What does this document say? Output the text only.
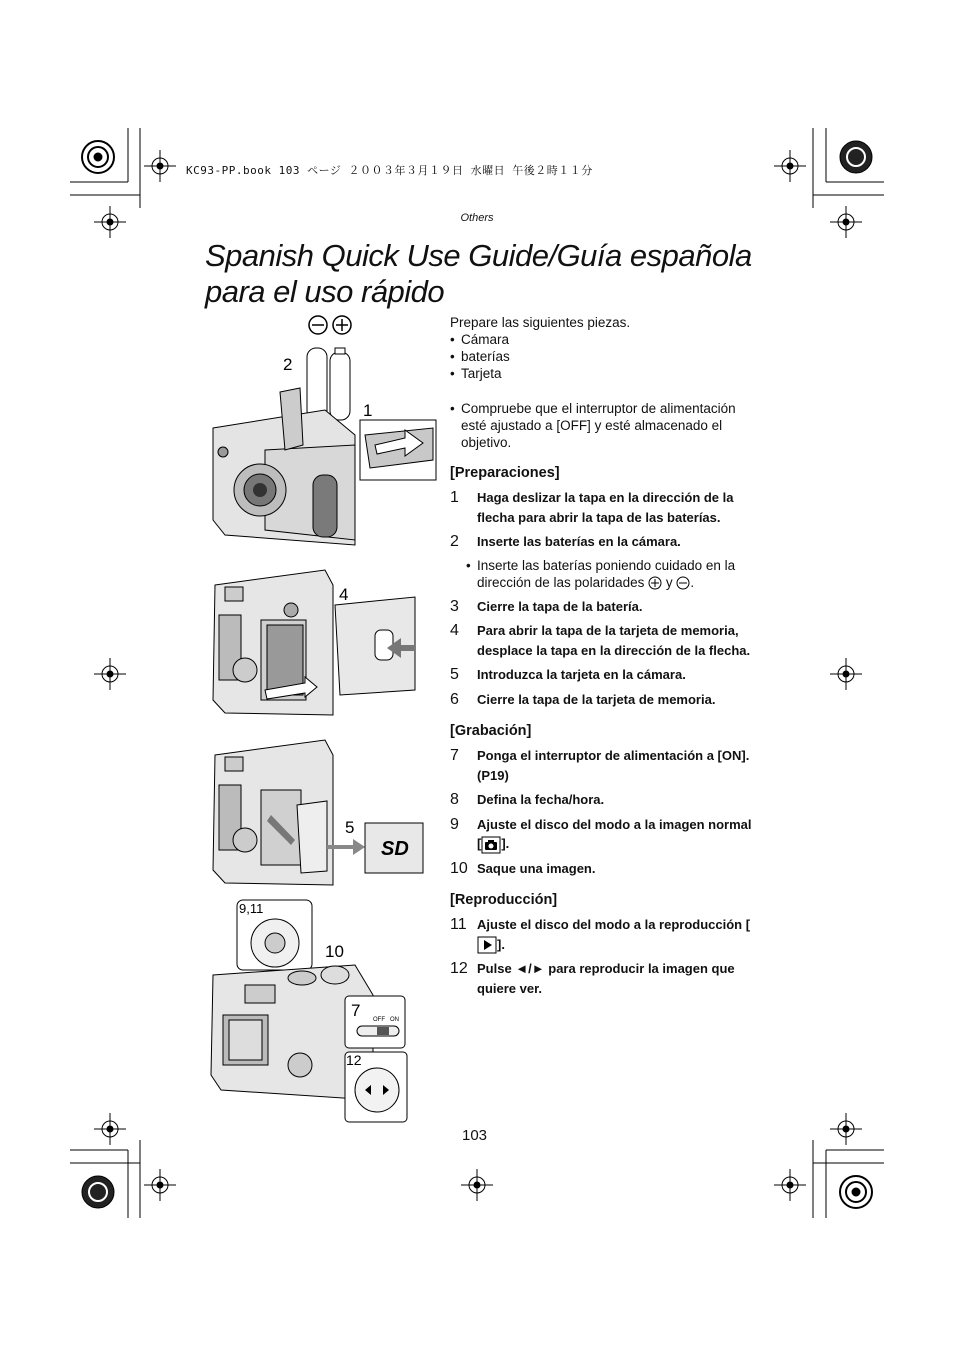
KC93-PP.book 103 ページ ２００３年３月１９日 水曜日 午後２時１１分
Others
Spanish Quick Use Guide/Guía española
para el uso rápido
2
1
4
SD
5
9,11
10
OFF ON
7
12

Prepare las siguientes piezas.

• Cámara

• baterías

• Tarjeta

• Compruebe que el interruptor de alimentación esté ajustado a [OFF] y esté almacenado el objetivo.

[Preparaciones]
1	Haga deslizar la tapa en la dirección de la flecha para abrir la tapa de las baterías.
2	Inserte las baterías en la cámara.
• Inserte las baterías poniendo cuidado en la dirección de las polaridades y .
3	Cierre la tapa de la batería.
4	Para abrir la tapa de la tarjeta de memoria, desplace la tapa en la dirección de la flecha.
5	Introduzca la tarjeta en la cámara.
6	Cierre la tapa de la tarjeta de memoria.
[Grabación]
7	Ponga el interruptor de alimentación a [ON]. (P19)
8	Defina la fecha/hora.
9	Ajuste el disco del modo a la imagen normal [ ].
10 Saque una imagen.
[Reproducción]
11 Ajuste el disco del modo a la reproducción [].
12 Pulse ◄/► para reproducir la imagen que quiere ver.
103
